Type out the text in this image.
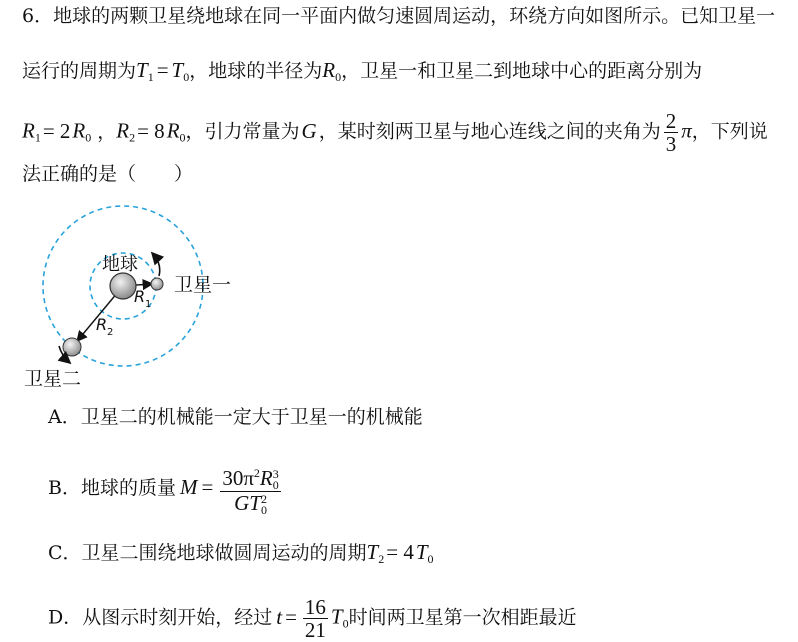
6．地球的两颗卫星绕地球在同一平面内做匀速圆周运动，环绕方向如图所示。已知卫星一
运行的周期为$T_1 = T_0$，地球的半径为$R_0$，卫星一和卫星二到地球中心的距离分别为
$R_1= 2R_0$ ，$R_2= 8R_0$，引力常量为G ，某时刻两卫星与地心连线之间的夹角为 $\frac{2}{3}$ π，下列说
法正确的是（　　）
地球
卫星一
卫星二
R 1
R 2
A．卫星二的机械能一定大于卫星一的机械能
B．地球的质量 $M = 30\pi^2R$ 3
0
GT 2
0
C．卫星二围绕地球做圆周运动的周期$T_2= 4T_0$
D．从图示时刻开始，经过 $t = \frac{16}{21} T_0$时间两卫星第一次相距最近
